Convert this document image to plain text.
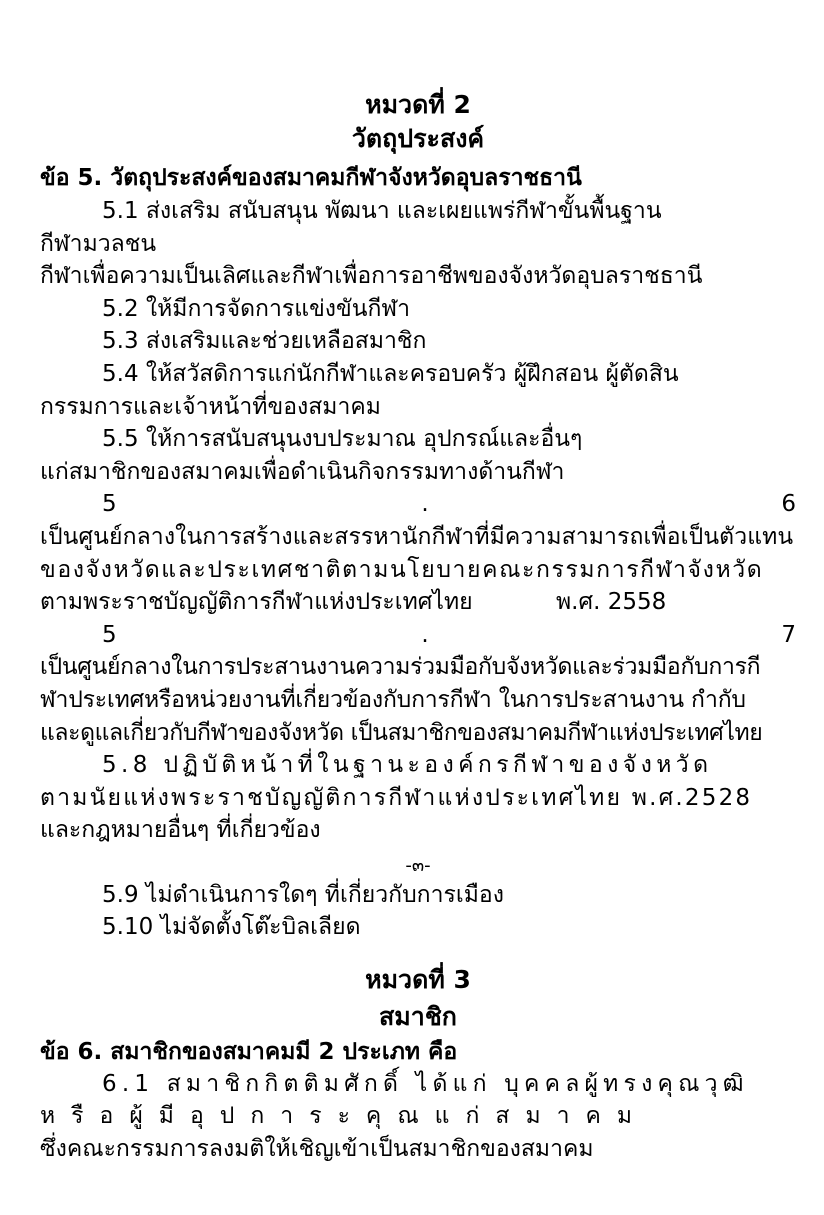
หมวดที่ 2
วัตถุประสงค์
ข้อ 5. วัตถุประสงค์ของสมาคมกีฬาจังหวัดอุบลราชธานี
5.1 ส่งเสริม สนับสนุน พัฒนา และเผยแพร่กีฬาขั้นพื้นฐาน
กีฬามวลชน
กีฬาเพื่อความเป็นเลิศและกีฬาเพื่อการอาชีพของจังหวัดอุบลราชธานี
5.2 ให้มีการจัดการแข่งขันกีฬา
5.3 ส่งเสริมและช่วยเหลือสมาชิก
5.4 ให้สวัสดิการแก่นักกีฬาและครอบครัว ผู้ฝึกสอน ผู้ตัดสิน
กรรมการและเจ้าหน้าที่ของสมาคม
5.5 ให้การสนับสนุนงบประมาณ อุปกรณ์และอื่นๆ
แก่สมาชิกของสมาคมเพื่อดำเนินกิจกรรมทางด้านกีฬา
5	.	6
เป็นศูนย์กลางในการสร้างและสรรหานักกีฬาที่มีความสามารถเพื่อเป็นตัวแทน
ของจังหวัดและประเทศชาติตามนโยบายคณะกรรมการกีฬาจังหวัด
ตามพระราชบัญญัติการกีฬาแห่งประเทศไทย	พ.ศ. 2558
5	.	7
เป็นศูนย์กลางในการประสานงานความร่วมมือกับจังหวัดและร่วมมือกับการกี
ฬาประเทศหรือหน่วยงานที่เกี่ยวข้องกับการกีฬา ในการประสานงาน กำกับ
และดูแลเกี่ยวกับกีฬาของจังหวัด เป็นสมาชิกของสมาคมกีฬาแห่งประเทศไทย
5.8 ปฏิบัติหน้าที่ในฐานะองค์กรกีฬาของจังหวัด
ตามนัยแห่งพระราชบัญญัติการกีฬาแห่งประเทศไทย พ.ศ.2528
และกฎหมายอื่นๆ ที่เกี่ยวข้อง
-๓-
5.9 ไม่ดำเนินการใดๆ ที่เกี่ยวกับการเมือง
5.10 ไม่จัดตั้งโต๊ะบิลเลียด
หมวดที่ 3
สมาชิก
ข้อ 6. สมาชิกของสมาคมมี 2 ประเภท คือ
6.1 สมาชิกกิตติมศักดิ์ ได้แก่ บุคคลผู้ทรงคุณวุฒิ
หรือผู้มีอุปการะคุณแก่สมาคม
ซึ่งคณะกรรมการลงมติให้เชิญเข้าเป็นสมาชิกของสมาคม
